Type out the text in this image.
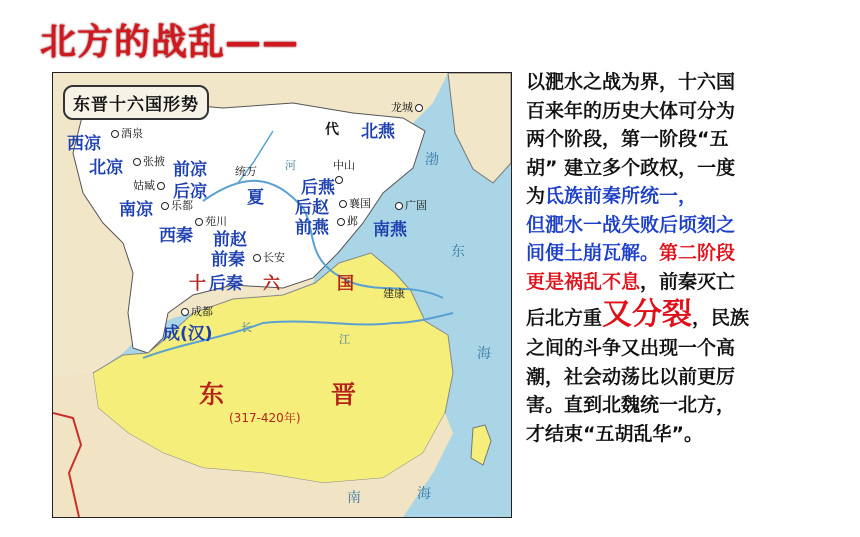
北方的战乱——
东晋十六国形势
西凉
酒泉
北凉	张掖 前凉
姑臧	后凉
南凉	乐都
苑川
西秦
统万
夏
前赵
前秦	长安
十 后秦 六	国
代 北燕
龙城
渤
河	中山

后燕
后赵	襄国
前燕	邺
广固
南燕
建康
成都
成(汉)	长
江
东	晋
(317-420年)
东
海
南	海
以淝水之战为界，十六国
百来年的历史大体可分为
两个阶段，第一阶段“五
胡” 建立多个政权，一度
为氐族前秦所统一，
但淝水一战失败后顷刻之
间便土崩瓦解。第二阶段
更是祸乱不息，前秦灭亡
后北方重又分裂，民族
之间的斗争又出现一个高
潮，社会动荡比以前更厉
害。直到北魏统一北方，
才结束“五胡乱华”。
